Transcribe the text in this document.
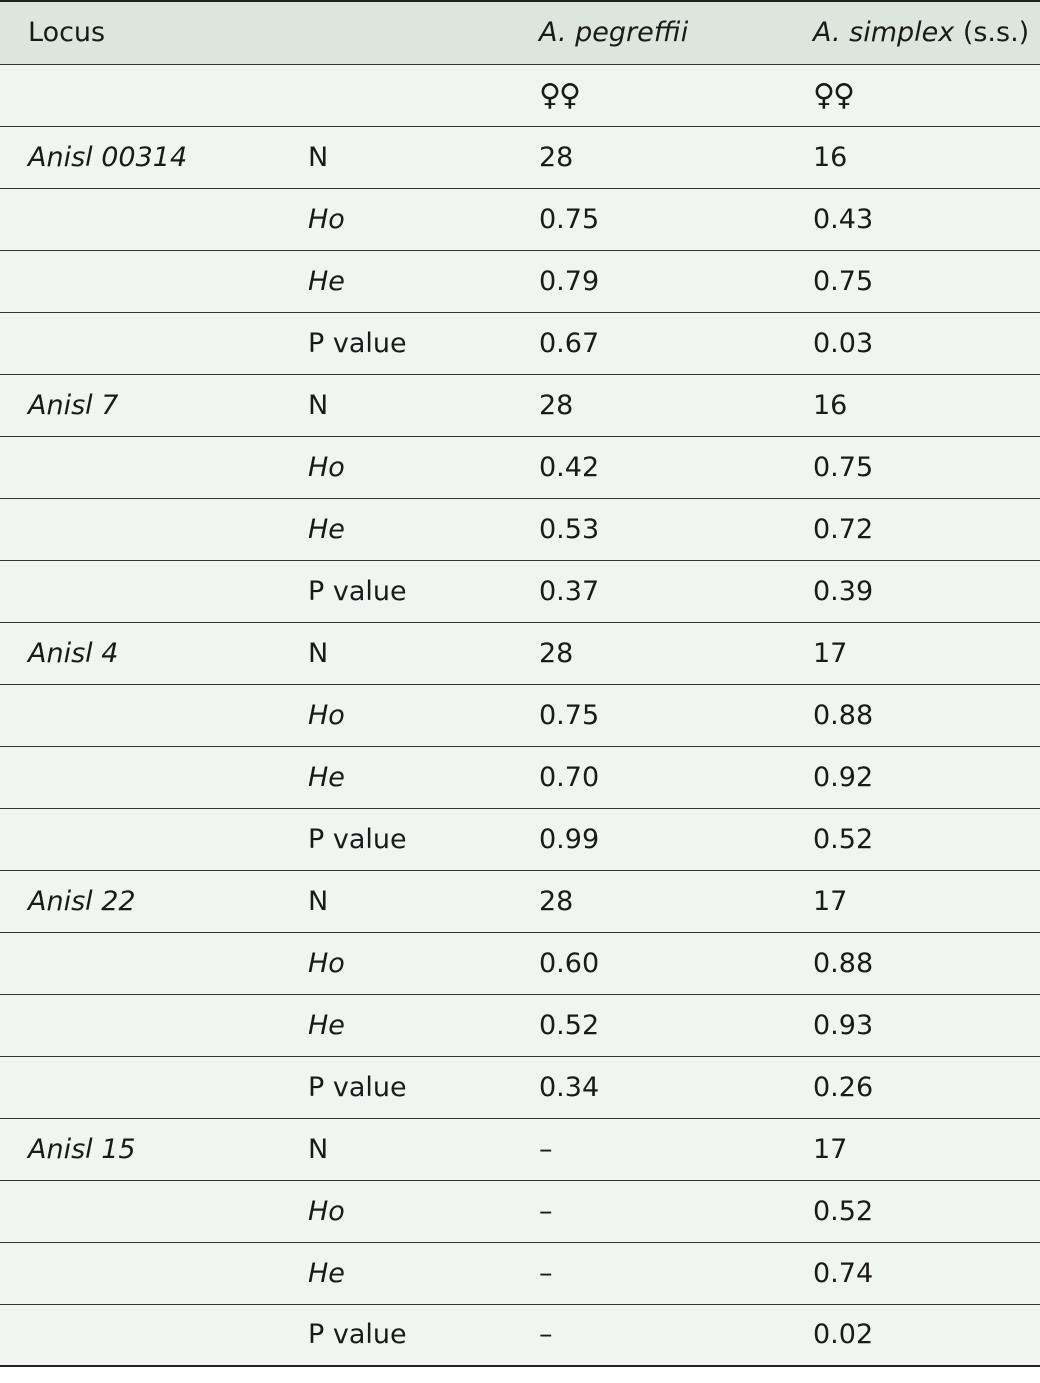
Locus		A. pegreffii	A. simplex (s.s.)
		♀♀	♀♀
Anisl 00314	N	28	16
	Ho	0.75	0.43
	He	0.79	0.75
	P value	0.67	0.03
Anisl 7	N	28	16
	Ho	0.42	0.75
	He	0.53	0.72
	P value	0.37	0.39
Anisl 4	N	28	17
	Ho	0.75	0.88
	He	0.70	0.92
	P value	0.99	0.52
Anisl 22	N	28	17
	Ho	0.60	0.88
	He	0.52	0.93
	P value	0.34	0.26
Anisl 15	N	–	17
	Ho	–	0.52
	He	–	0.74
	P value	–	0.02
